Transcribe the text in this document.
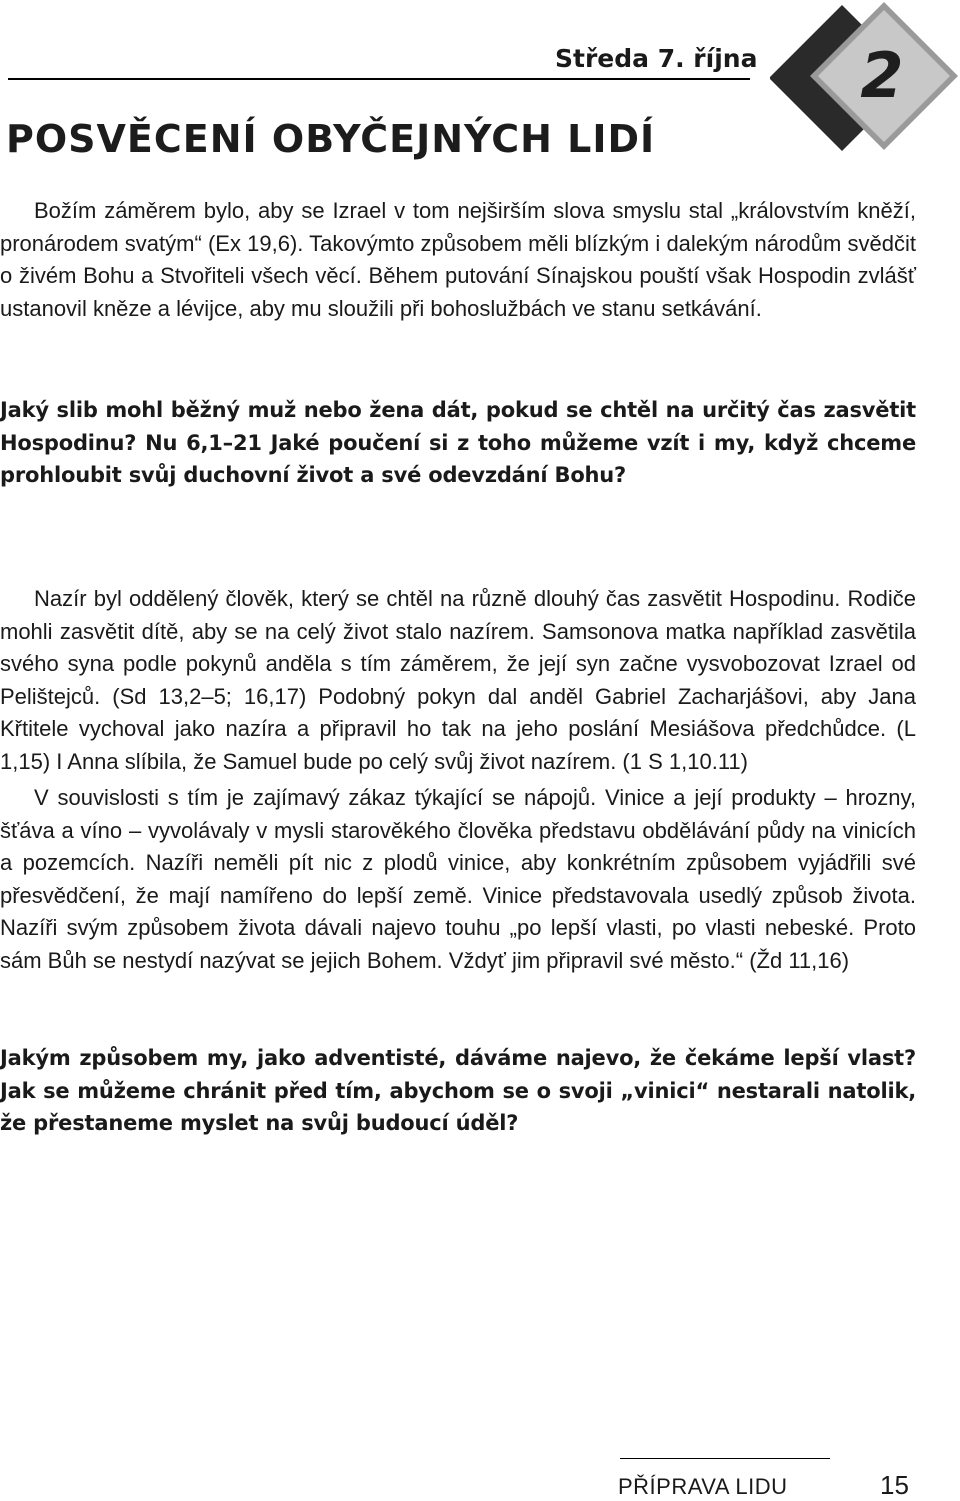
Středa 7. října 2
POSVĚCENÍ OBYČEJNÝCH LIDÍ

Božím záměrem bylo, aby se Izrael v tom nejširším slova smyslu stal „královstvím kněží, pronárodem svatým“ (Ex 19,6). Takovýmto způsobem měli blízkým i dalekým národům svědčit o živém Bohu a Stvořiteli všech věcí. Během putování Sínajskou pouští však Hospodin zvlášť ustanovil kněze a lévijce, aby mu sloužili při bohoslužbách ve stanu setkávání.

Jaký slib mohl běžný muž nebo žena dát, pokud se chtěl na určitý čas zasvětit Hospodinu? Nu 6,1–21 Jaké poučení si z toho můžeme vzít i my, když chceme prohloubit svůj duchovní život a své odevzdání Bohu?

Nazír byl oddělený člověk, který se chtěl na různě dlouhý čas zasvětit Hospodinu. Rodiče mohli zasvětit dítě, aby se na celý život stalo nazírem. Samsonova matka například zasvětila svého syna podle pokynů anděla s tím záměrem, že její syn začne vysvobozovat Izrael od Pelištejců. (Sd 13,2–5; 16,17) Podobný pokyn dal anděl Gabriel Zacharjášovi, aby Jana Křtitele vychoval jako nazíra a připravil ho tak na jeho poslání Mesiášova předchůdce. (L 1,15) I Anna slíbila, že Samuel bude po celý svůj život nazírem. (1 S 1,10.11)

V souvislosti s tím je zajímavý zákaz týkající se nápojů. Vinice a její produkty – hrozny, šťáva a víno – vyvolávaly v mysli starověkého člověka představu obdělávání půdy na vinicích a pozemcích. Nazíři neměli pít nic z plodů vinice, aby konkrétním způsobem vyjádřili své přesvědčení, že mají namířeno do lepší země. Vinice představovala usedlý způsob života. Nazíři svým způsobem života dávali najevo touhu „po lepší vlasti, po vlasti nebeské. Proto sám Bůh se nestydí nazývat se jejich Bohem. Vždyť jim připravil své město.“ (Žd 11,16)

Jakým způsobem my, jako adventisté, dáváme najevo, že čekáme lepší vlast? Jak se můžeme chránit před tím, abychom se o svoji „vinici“ nestarali natolik, že přestaneme myslet na svůj budoucí úděl?

PŘÍPRAVA LIDU	15
